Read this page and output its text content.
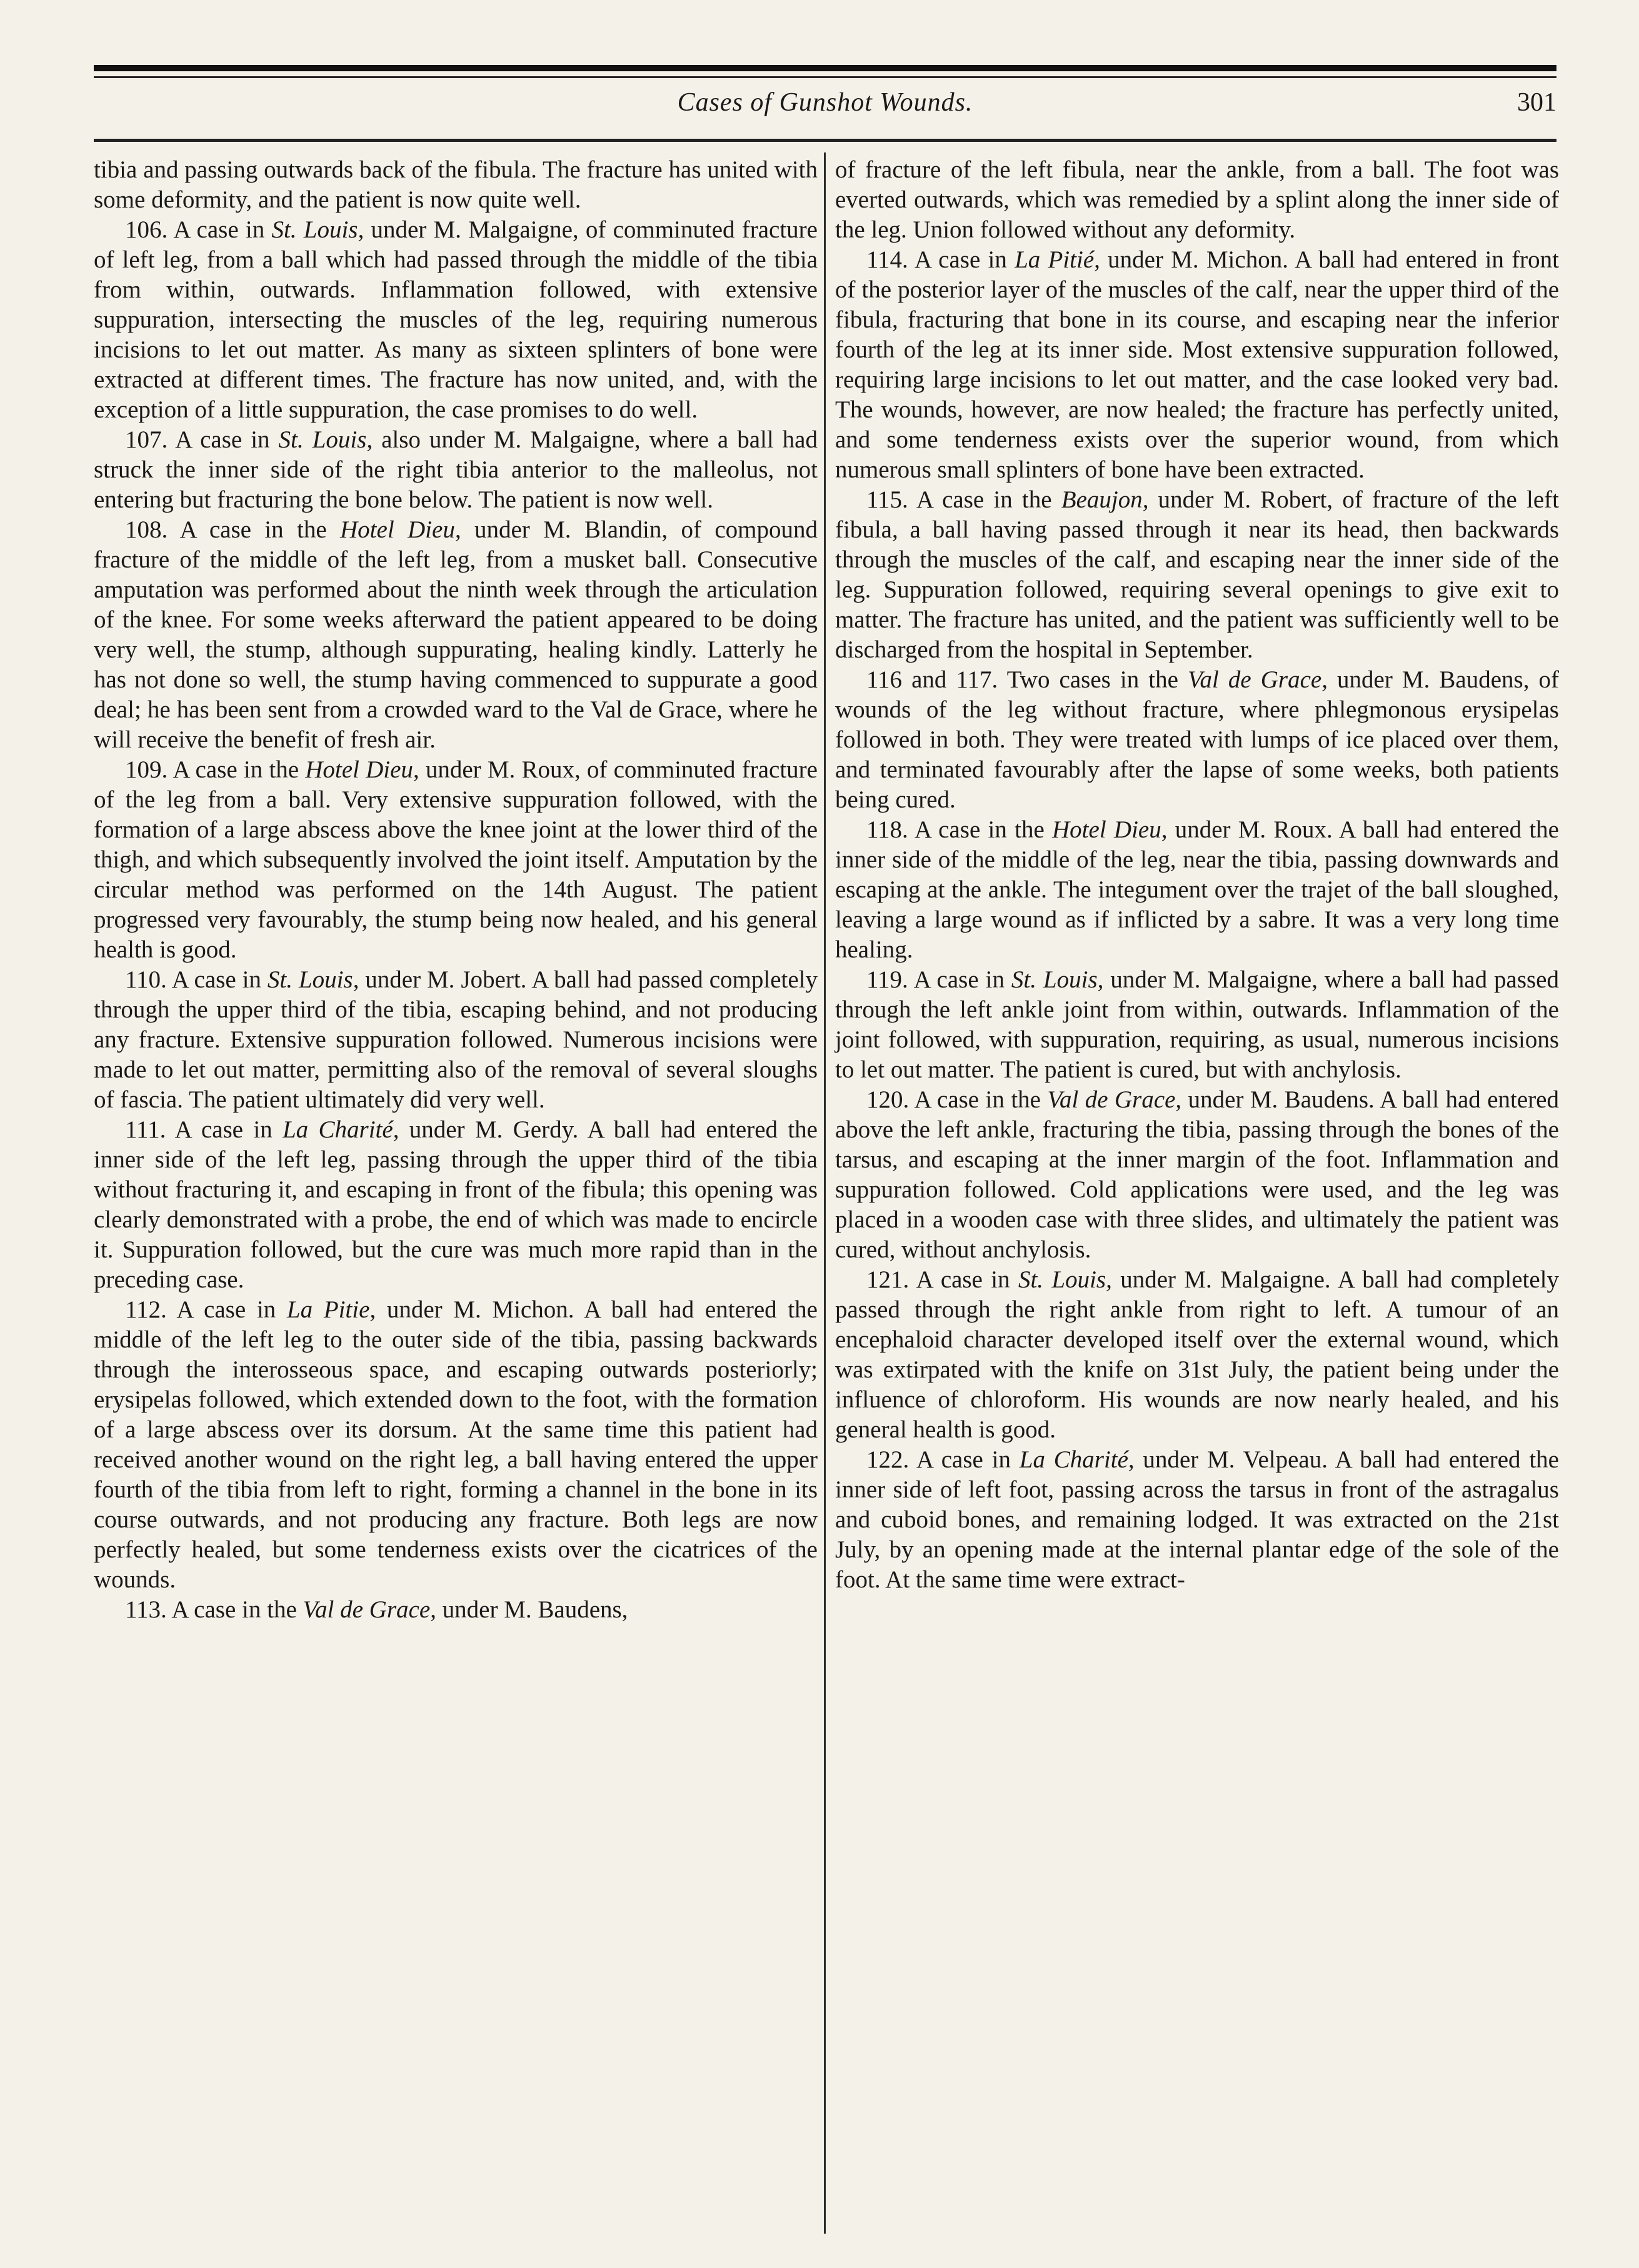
Cases of Gunshot Wounds.	301

tibia and passing outwards back of the fibula. The fracture has united with some deformity, and the patient is now quite well.

106. A case in St. Louis, under M. Malgaigne, of comminuted fracture of left leg, from a ball which had passed through the middle of the tibia from within, outwards. Inflammation followed, with extensive suppuration, intersecting the muscles of the leg, requiring numerous incisions to let out matter. As many as sixteen splinters of bone were extracted at different times. The fracture has now united, and, with the exception of a little suppuration, the case promises to do well.

107. A case in St. Louis, also under M. Malgaigne, where a ball had struck the inner side of the right tibia anterior to the malleolus, not entering but fracturing the bone below. The patient is now well.

108. A case in the Hotel Dieu, under M. Blandin, of compound fracture of the middle of the left leg, from a musket ball. Consecutive amputation was performed about the ninth week through the articulation of the knee. For some weeks afterward the patient appeared to be doing very well, the stump, although suppurating, healing kindly. Latterly he has not done so well, the stump having commenced to suppurate a good deal; he has been sent from a crowded ward to the Val de Grace, where he will receive the benefit of fresh air.

109. A case in the Hotel Dieu, under M. Roux, of comminuted fracture of the leg from a ball. Very extensive suppuration followed, with the formation of a large abscess above the knee joint at the lower third of the thigh, and which subsequently involved the joint itself. Amputation by the circular method was performed on the 14th August. The patient progressed very favourably, the stump being now healed, and his general health is good.

110. A case in St. Louis, under M. Jobert. A ball had passed completely through the upper third of the tibia, escaping behind, and not producing any fracture. Extensive suppuration followed. Numerous incisions were made to let out matter, permitting also of the removal of several sloughs of fascia. The patient ultimately did very well.

111. A case in La Charité, under M. Gerdy. A ball had entered the inner side of the left leg, passing through the upper third of the tibia without fracturing it, and escaping in front of the fibula; this opening was clearly demonstrated with a probe, the end of which was made to encircle it. Suppuration followed, but the cure was much more rapid than in the preceding case.

112. A case in La Pitie, under M. Michon. A ball had entered the middle of the left leg to the outer side of the tibia, passing backwards through the interosseous space, and escaping outwards posteriorly; erysipelas followed, which extended down to the foot, with the formation of a large abscess over its dorsum. At the same time this patient had received another wound on the right leg, a ball having entered the upper fourth of the tibia from left to right, forming a channel in the bone in its course outwards, and not producing any fracture. Both legs are now perfectly healed, but some tenderness exists over the cicatrices of the wounds.

113. A case in the Val de Grace, under M. Baudens,

of fracture of the left fibula, near the ankle, from a ball. The foot was everted outwards, which was remedied by a splint along the inner side of the leg. Union followed without any deformity.

114. A case in La Pitié, under M. Michon. A ball had entered in front of the posterior layer of the muscles of the calf, near the upper third of the fibula, fracturing that bone in its course, and escaping near the inferior fourth of the leg at its inner side. Most extensive suppuration followed, requiring large incisions to let out matter, and the case looked very bad. The wounds, however, are now healed; the fracture has perfectly united, and some tenderness exists over the superior wound, from which numerous small splinters of bone have been extracted.

115. A case in the Beaujon, under M. Robert, of fracture of the left fibula, a ball having passed through it near its head, then backwards through the muscles of the calf, and escaping near the inner side of the leg. Suppuration followed, requiring several openings to give exit to matter. The fracture has united, and the patient was sufficiently well to be discharged from the hospital in September.

116 and 117. Two cases in the Val de Grace, under M. Baudens, of wounds of the leg without fracture, where phlegmonous erysipelas followed in both. They were treated with lumps of ice placed over them, and terminated favourably after the lapse of some weeks, both patients being cured.

118. A case in the Hotel Dieu, under M. Roux. A ball had entered the inner side of the middle of the leg, near the tibia, passing downwards and escaping at the ankle. The integument over the trajet of the ball sloughed, leaving a large wound as if inflicted by a sabre. It was a very long time healing.

119. A case in St. Louis, under M. Malgaigne, where a ball had passed through the left ankle joint from within, outwards. Inflammation of the joint followed, with suppuration, requiring, as usual, numerous incisions to let out matter. The patient is cured, but with anchylosis.

120. A case in the Val de Grace, under M. Baudens. A ball had entered above the left ankle, fracturing the tibia, passing through the bones of the tarsus, and escaping at the inner margin of the foot. Inflammation and suppuration followed. Cold applications were used, and the leg was placed in a wooden case with three slides, and ultimately the patient was cured, without anchylosis.

121. A case in St. Louis, under M. Malgaigne. A ball had completely passed through the right ankle from right to left. A tumour of an encephaloid character developed itself over the external wound, which was extirpated with the knife on 31st July, the patient being under the influence of chloroform. His wounds are now nearly healed, and his general health is good.

122. A case in La Charité, under M. Velpeau. A ball had entered the inner side of left foot, passing across the tarsus in front of the astragalus and cuboid bones, and remaining lodged. It was extracted on the 21st July, by an opening made at the internal plantar edge of the sole of the foot. At the same time were extract-
